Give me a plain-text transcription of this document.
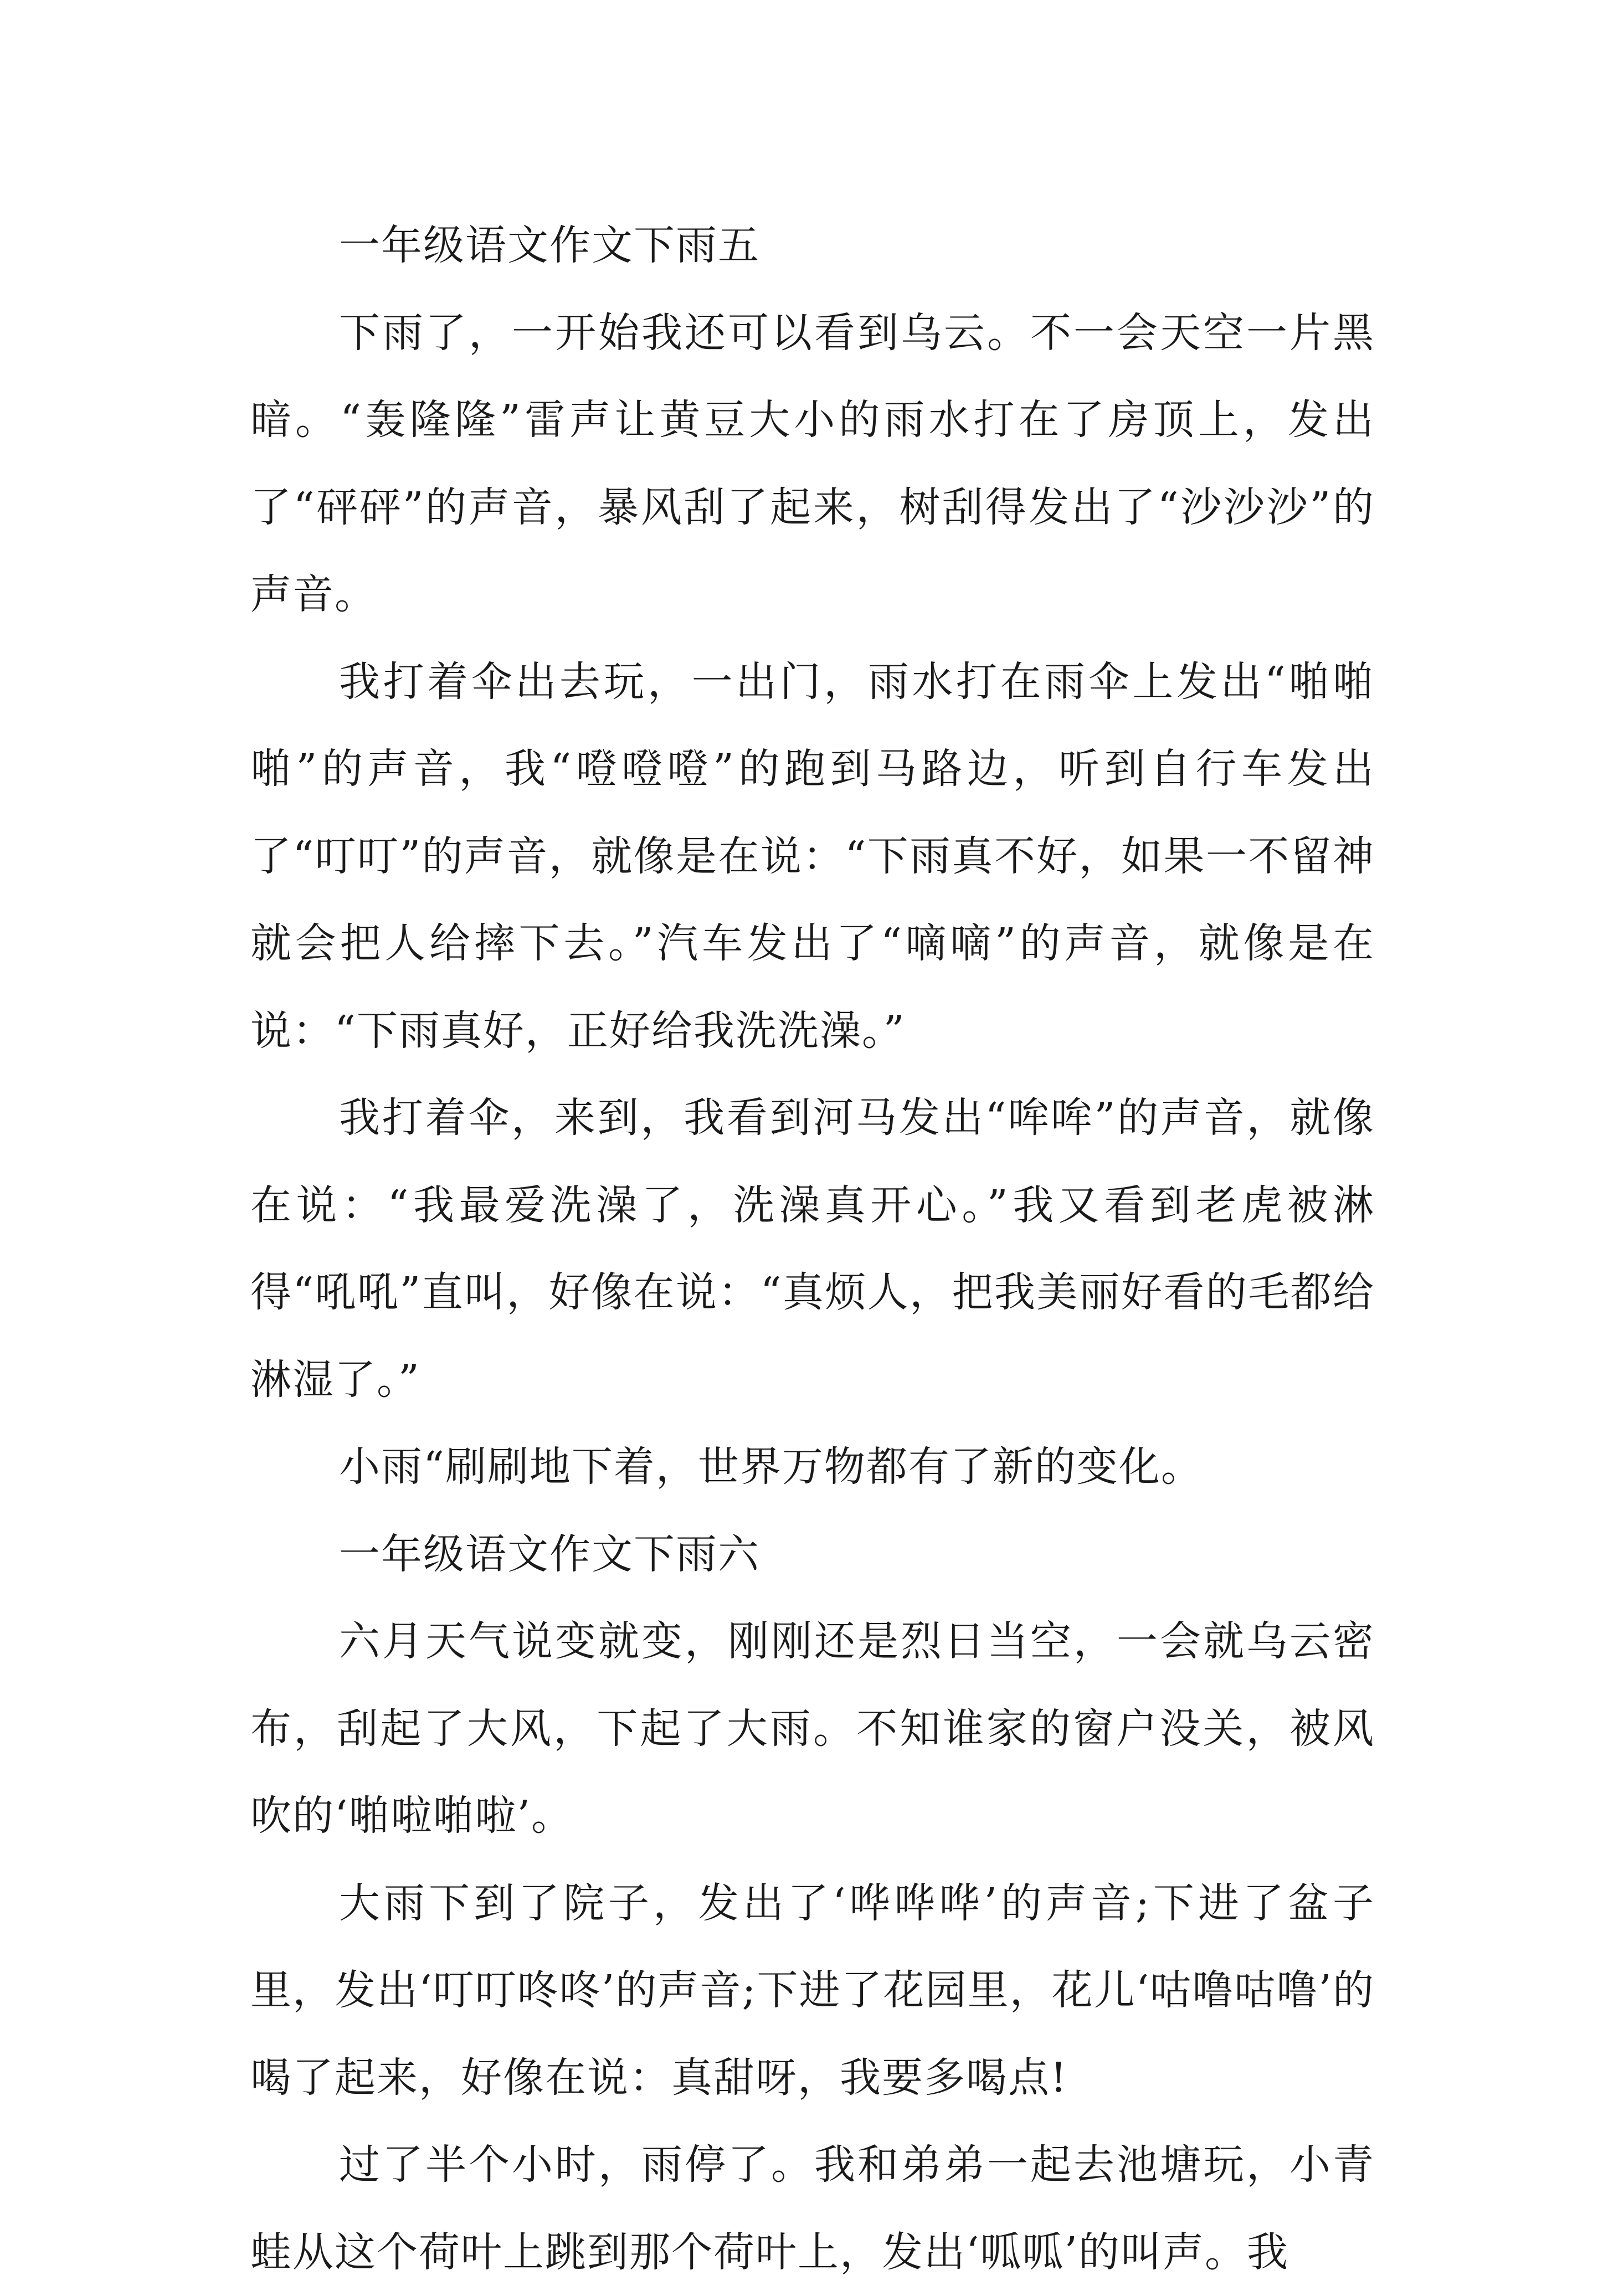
一年级语文作文下雨五

下雨了，一开始我还可以看到乌云。不一会天空一片黑暗。“轰隆隆”雷声让黄豆大小的雨水打在了房顶上，发出了“砰砰”的声音，暴风刮了起来，树刮得发出了“沙沙沙”的声音。

我打着伞出去玩，一出门，雨水打在雨伞上发出“啪啪啪”的声音，我“噔噔噔”的跑到马路边，听到自行车发出了“叮叮”的声音，就像是在说：“下雨真不好，如果一不留神就会把人给摔下去。”汽车发出了“嘀嘀”的声音，就像是在说：“下雨真好，正好给我洗洗澡。”

我打着伞，来到，我看到河马发出“哞哞”的声音，就像在说：“我最爱洗澡了，洗澡真开心。”我又看到老虎被淋得“吼吼”直叫，好像在说：“真烦人，把我美丽好看的毛都给淋湿了。”

小雨“刷刷地下着，世界万物都有了新的变化。

一年级语文作文下雨六

六月天气说变就变，刚刚还是烈日当空，一会就乌云密布，刮起了大风，下起了大雨。不知谁家的窗户没关，被风吹的‘啪啦啪啦’。

大雨下到了院子，发出了‘哗哗哗’的声音;下进了盆子里，发出‘叮叮咚咚’的声音;下进了花园里，花儿‘咕噜咕噜’的喝了起来，好像在说：真甜呀，我要多喝点!

过了半个小时，雨停了。我和弟弟一起去池塘玩，小青蛙从这个荷叶上跳到那个荷叶上，发出‘呱呱’的叫声。我
